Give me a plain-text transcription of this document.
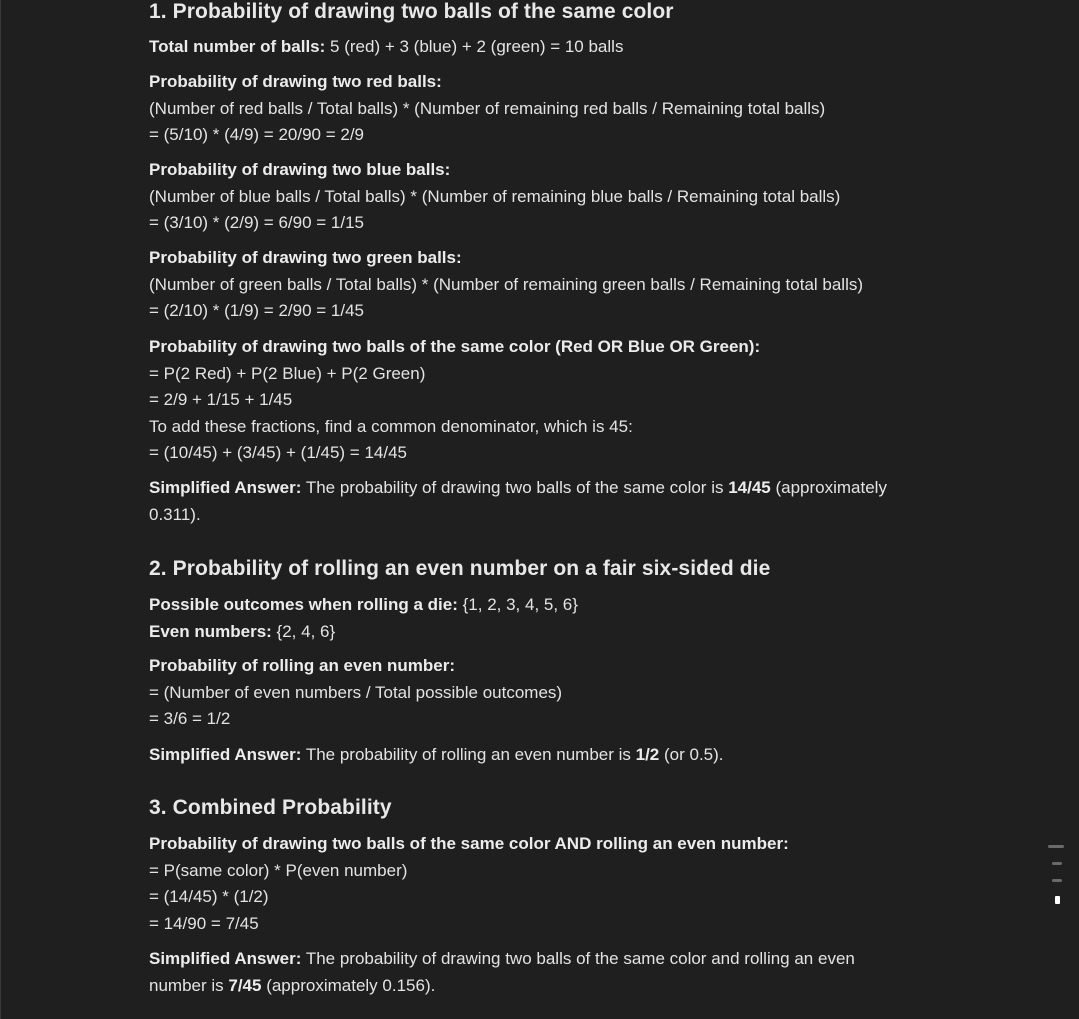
1. Probability of drawing two balls of the same color

Total number of balls: 5 (red) + 3 (blue) + 2 (green) = 10 balls

Probability of drawing two red balls:
(Number of red balls / Total balls) * (Number of remaining red balls / Remaining total balls)
= (5/10) * (4/9) = 20/90 = 2/9

Probability of drawing two blue balls:
(Number of blue balls / Total balls) * (Number of remaining blue balls / Remaining total balls)
= (3/10) * (2/9) = 6/90 = 1/15

Probability of drawing two green balls:
(Number of green balls / Total balls) * (Number of remaining green balls / Remaining total balls)
= (2/10) * (1/9) = 2/90 = 1/45

Probability of drawing two balls of the same color (Red OR Blue OR Green):
= P(2 Red) + P(2 Blue) + P(2 Green)
= 2/9 + 1/15 + 1/45
To add these fractions, find a common denominator, which is 45:
= (10/45) + (3/45) + (1/45) = 14/45

Simplified Answer: The probability of drawing two balls of the same color is 14/45 (approximately
0.311).

2. Probability of rolling an even number on a fair six-sided die

Possible outcomes when rolling a die: {1, 2, 3, 4, 5, 6}
Even numbers: {2, 4, 6}

Probability of rolling an even number:
= (Number of even numbers / Total possible outcomes)
= 3/6 = 1/2

Simplified Answer: The probability of rolling an even number is 1/2 (or 0.5).

3. Combined Probability

Probability of drawing two balls of the same color AND rolling an even number:
= P(same color) * P(even number)
= (14/45) * (1/2)
= 14/90 = 7/45

Simplified Answer: The probability of drawing two balls of the same color and rolling an even
number is 7/45 (approximately 0.156).
